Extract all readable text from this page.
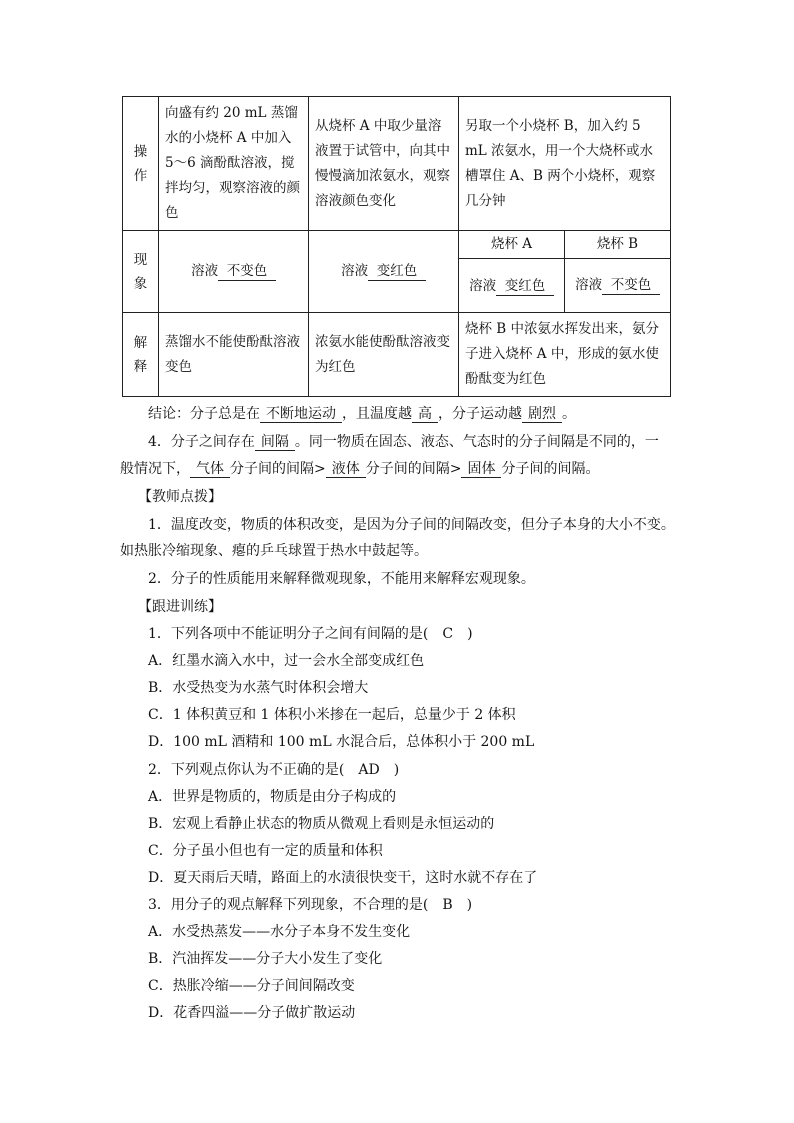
操作	向盛有约 20 mL 蒸馏水的小烧杯 A 中加入 5～6 滴酚酞溶液，搅拌均匀，观察溶液的颜色	从烧杯 A 中取少量溶液置于试管中，向其中慢慢滴加浓氨水，观察溶液颜色变化	另取一个小烧杯 B，加入约 5 mL 浓氨水，用一个大烧杯或水槽罩住 A、B 两个小烧杯，观察几分钟	

现象	溶液 不变色	溶液 变红色	烧杯 A	烧杯 B
			溶液 变红色	溶液 不变色

解释	蒸馏水不能使酚酞溶液变色	浓氨水能使酚酞溶液变为红色	烧杯 B 中浓氨水挥发出来，氨分子进入烧杯 A 中，形成的氨水使酚酞变为红色	
结论：分子总是在 不断地运动 ，且温度越 高 ，分子运动越 剧烈 。
4．分子之间存在 间隔 。同一物质在固态、液态、气态时的分子间隔是不同的，一
般情况下， 气体 分子间的间隔> 液体 分子间的间隔> 固体 分子间的间隔。
【教师点拨】
1．温度改变，物质的体积改变，是因为分子间的间隔改变，但分子本身的大小不变。
如热胀冷缩现象、瘪的乒乓球置于热水中鼓起等。
2．分子的性质能用来解释微观现象，不能用来解释宏观现象。
【跟进训练】
1．下列各项中不能证明分子之间有间隔的是(　C　)
A．红墨水滴入水中，过一会水全部变成红色
B．水受热变为水蒸气时体积会增大
C．1 体积黄豆和 1 体积小米掺在一起后，总量少于 2 体积
D．100 mL 酒精和 100 mL 水混合后，总体积小于 200 mL
2．下列观点你认为不正确的是(　AD　)
A．世界是物质的，物质是由分子构成的
B．宏观上看静止状态的物质从微观上看则是永恒运动的
C．分子虽小但也有一定的质量和体积
D．夏天雨后天晴，路面上的水渍很快变干，这时水就不存在了
3．用分子的观点解释下列现象，不合理的是(　B　)
A．水受热蒸发——水分子本身不发生变化
B．汽油挥发——分子大小发生了变化
C．热胀冷缩——分子间间隔改变
D．花香四溢——分子做扩散运动
